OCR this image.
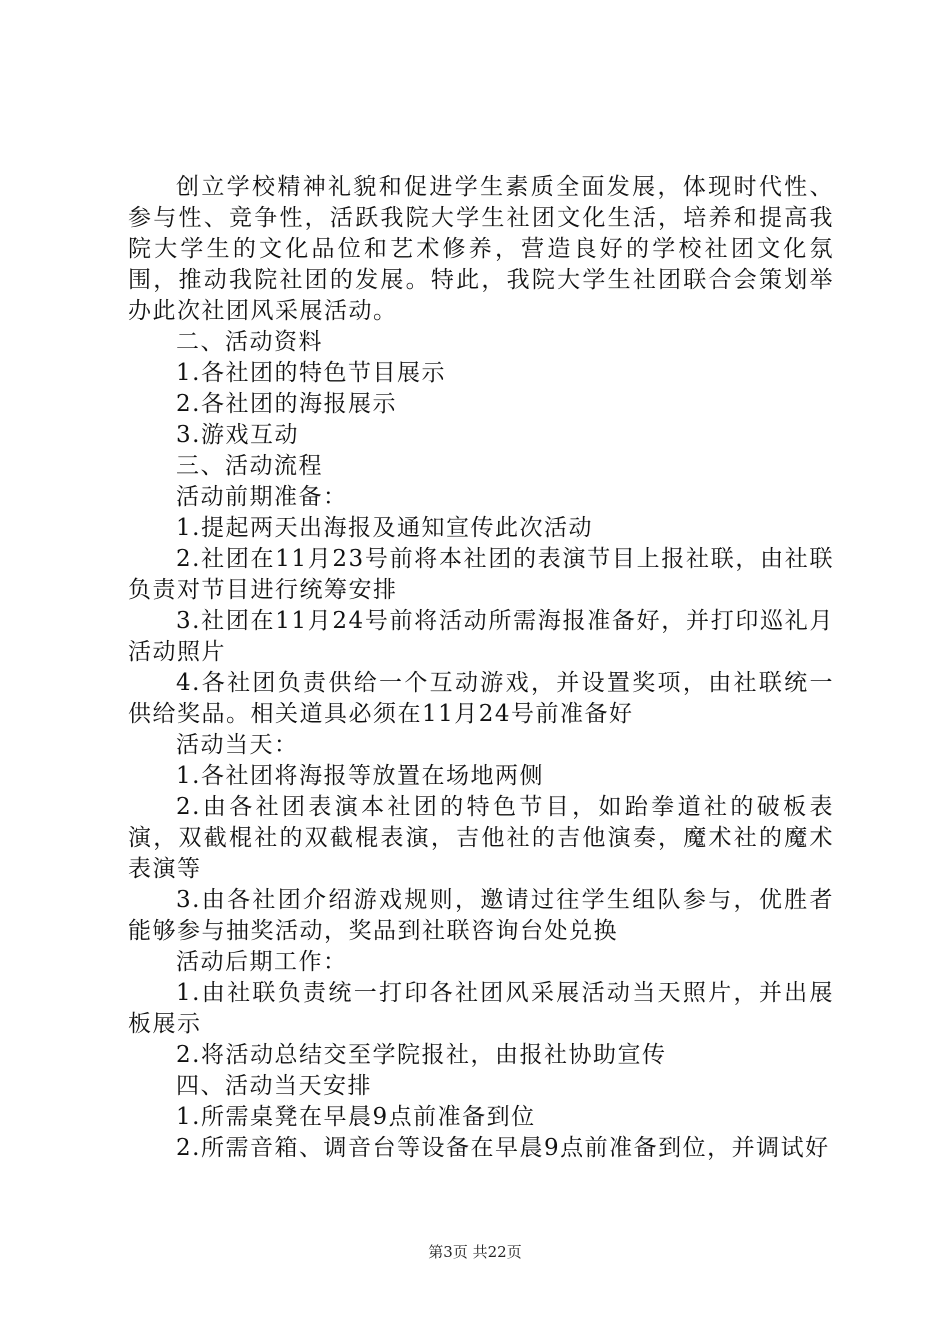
创立学校精神礼貌和促进学生素质全面发展，体现时代性、参与性、竞争性，活跃我院大学生社团文化生活，培养和提高我院大学生的文化品位和艺术修养，营造良好的学校社团文化氛围，推动我院社团的发展。特此，我院大学生社团联合会策划举办此次社团风采展活动。

二、活动资料

1.各社团的特色节目展示

2.各社团的海报展示

3.游戏互动

三、活动流程

活动前期准备：

1.提起两天出海报及通知宣传此次活动

2.社团在11月23号前将本社团的表演节目上报社联，由社联负责对节目进行统筹安排

3.社团在11月24号前将活动所需海报准备好，并打印巡礼月活动照片

4.各社团负责供给一个互动游戏，并设置奖项，由社联统一供给奖品。相关道具必须在11月24号前准备好

活动当天：

1.各社团将海报等放置在场地两侧

2.由各社团表演本社团的特色节目，如跆拳道社的破板表演，双截棍社的双截棍表演，吉他社的吉他演奏，魔术社的魔术表演等

3.由各社团介绍游戏规则，邀请过往学生组队参与，优胜者能够参与抽奖活动，奖品到社联咨询台处兑换

活动后期工作：

1.由社联负责统一打印各社团风采展活动当天照片，并出展板展示

2.将活动总结交至学院报社，由报社协助宣传

四、活动当天安排

1.所需桌凳在早晨9点前准备到位

2.所需音箱、调音台等设备在早晨9点前准备到位，并调试好

第3页 共22页
